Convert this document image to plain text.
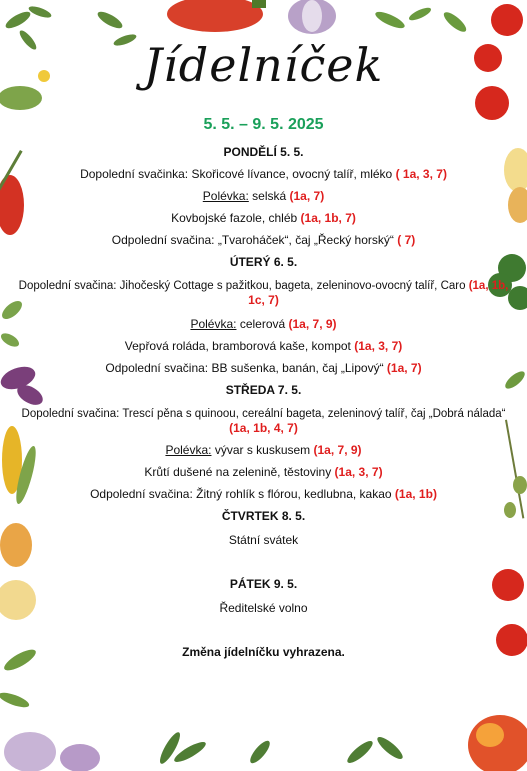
Jídelníček
5. 5. – 9. 5. 2025
PONDĚLÍ 5. 5.
Dopolední svačinka: Skořicové lívance, ovocný talíř, mléko ( 1a, 3, 7)
Polévka: selská (1a, 7)
Kovbojské fazole, chléb (1a, 1b, 7)
Odpolední svačina: „Tvaroháček“, čaj „Řecký horský“ ( 7)
ÚTERÝ 6. 5.
Dopolední svačina: Jihočeský Cottage s pažitkou, bageta, zeleninovo-ovocný talíř, Caro (1a, 1b,
1c, 7)
Polévka: celerová (1a, 7, 9)
Vepřová roláda, bramborová kaše, kompot (1a, 3, 7)
Odpolední svačina: BB sušenka, banán, čaj „Lipový“ (1a, 7)
STŘEDA 7. 5.
Dopolední svačina: Trescí pěna s quinoou, cereální bageta, zeleninový talíř, čaj „Dobrá nálada“
(1a, 1b, 4, 7)
Polévka: vývar s kuskusem (1a, 7, 9)
Krůtí dušené na zelenině, těstoviny (1a, 3, 7)
Odpolední svačina: Žitný rohlík s flórou, kedlubna, kakao (1a, 1b)
ČTVRTEK 8. 5.
Státní svátek
PÁTEK 9. 5.
Ředitelské volno
Změna jídelníčku vyhrazena.
